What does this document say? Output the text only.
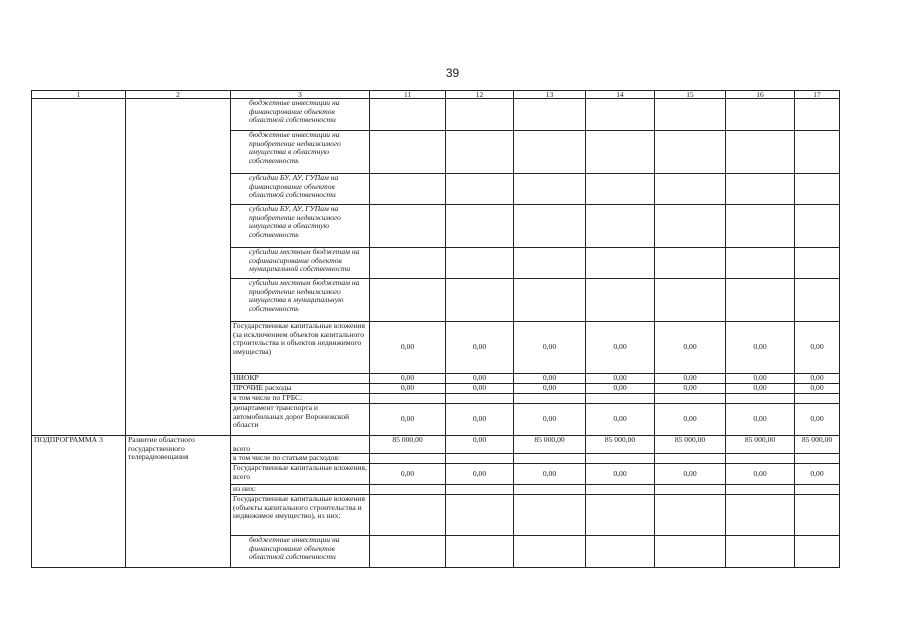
39
1	2	3	11	12	13	14	15	16	17
		бюджетные инвестиции на финансирование объектов областной собственности							
		бюджетные инвестиции на приобретение недвижимого имущества в областную собственность							
		субсидии БУ, АУ, ГУПам на финансирование объектов областной собственности							
		субсидии БУ, АУ, ГУПам на приобретение недвижимого имущества в областную собственность							
		субсидии местным бюджетам на софинансирование объектов муниципальной собственности							
		субсидии местным бюджетам на приобретение недвижимого имущества в муниципальную собственность							
		Государственные капитальные вложения (за исключением объектов капитального строительства и объектов недвижимого имущества)	0,00	0,00	0,00	0,00	0,00	0,00	0,00
		НИОКР	0,00	0,00	0,00	0,00	0,00	0,00	0,00
		ПРОЧИЕ расходы	0,00	0,00	0,00	0,00	0,00	0,00	0,00
		в том числе по ГРБС:							
		департамент транспорта и автомобильных дорог Воронежской области	0,00	0,00	0,00	0,00	0,00	0,00	0,00
ПОДПРОГРАММА 3	Развитие областного государственного телерадиовещания	всего	85 000,00	0,00	85 000,00	85 000,00	85 000,00	85 000,00	85 000,00
		в том числе по статьям расходов:							
		Государственные капитальные вложения, всего	0,00	0,00	0,00	0,00	0,00	0,00	0,00
		из них:							
		Государственные капитальные вложения (объекты капитального строительства и недвижимое имущество), из них:							
		бюджетные инвестиции на финансирование объектов областной собственности							
